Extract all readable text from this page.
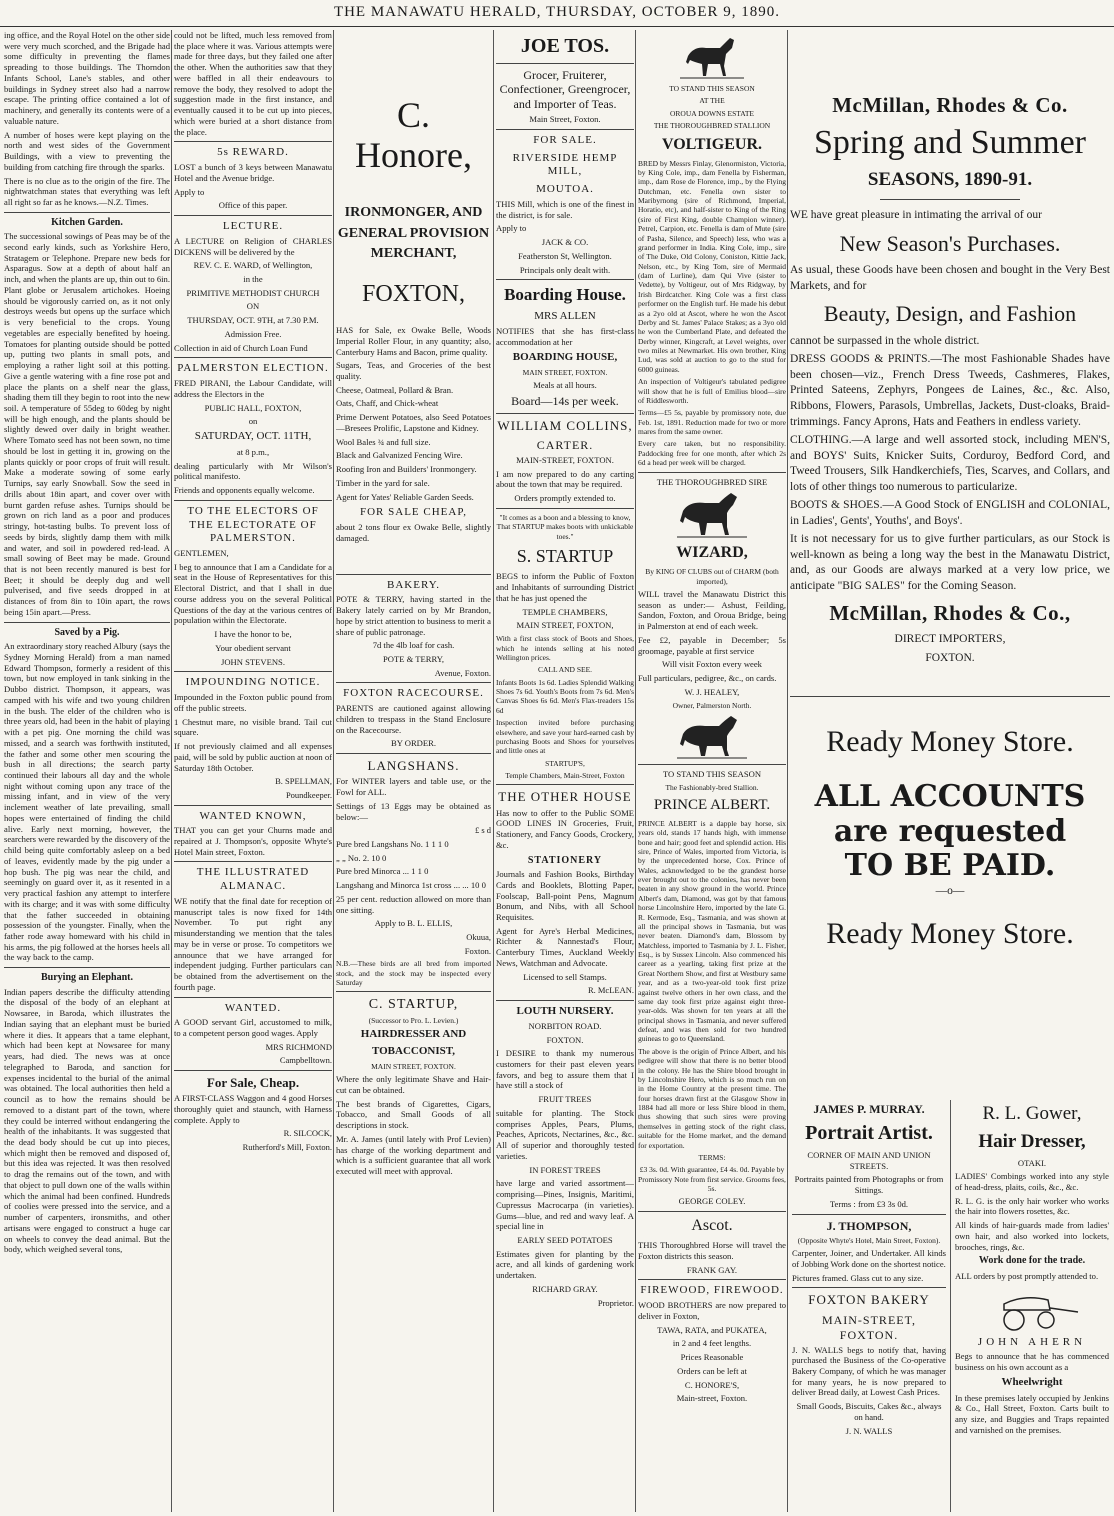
THE MANAWATU HERALD, THURSDAY, OCTOBER 9, 1890.

ing office, and the Royal Hotel on the other side were very much scorched, and the Brigade had some difficulty in preventing the flames spreading to those buildings. The Thorndon Infants School, Lane's stables, and other buildings in Sydney street also had a narrow escape. The printing office contained a lot of machinery, and generally its contents were of a valuable nature.

A number of hoses were kept playing on the north and west sides of the Government Buildings, with a view to preventing the building from catching fire through the sparks.

There is no clue as to the origin of the fire. The nightwatchman states that everything was left all right so far as he knows.—N.Z. Times.

Kitchen Garden.

The successional sowings of Peas may be of the second early kinds, such as Yorkshire Hero, Stratagem or Telephone. Prepare new beds for Asparagus. Sow at a depth of about half an inch, and when the plants are up, thin out to 6in. Plant globe or Jerusalem artichokes. Hoeing should be vigorously carried on, as it not only destroys weeds but opens up the surface which is very beneficial to the crops. Young vegetables are especially benefited by hoeing. Tomatoes for planting outside should be potted up, putting two plants in small pots, and employing a rather light soil at this potting. Give a gentle watering with a fine rose pot and place the plants on a shelf near the glass, shading them till they begin to root into the new soil. A temperature of 55deg to 60deg by night will be high enough, and the plants should be slightly dewed over daily in bright weather. Where Tomato seed has not been sown, no time should be lost in getting it in, growing on the plants quickly or poor crops of fruit will result. Make a moderate sowing of some early Turnips, say early Snowball. Sow the seed in drills about 18in apart, and cover over with burnt garden refuse ashes. Turnips should be grown on rich land as a poor and produces stringy, hot-tasting bulbs. To prevent loss of seeds by birds, slightly damp them with milk and water, and soil in powdered red-lead. A small sowing of Beet may be made. Ground that is not been recently manured is best for Beet; it should be deeply dug and well pulverised, and five seeds dropped in at distances of from 8in to 10in apart, the rows being 15in apart.—Press.

Saved by a Pig.

An extraordinary story reached Albury (says the Sydney Morning Herald) from a man named Edward Thompson, formerly a resident of this town, but now employed in tank sinking in the Dubbo district. Thompson, it appears, was camped with his wife and two young children in the bush. The elder of the children who is three years old, had been in the habit of playing with a pet pig. One morning the child was missed, and a search was forthwith instituted, the father and some other men scouring the bush in all directions; the search party continued their labours all day and the whole night without coming upon any trace of the missing infant, and in view of the very inclement weather of late prevailing, small hopes were entertained of finding the child alive. Early next morning, however, the searchers were rewarded by the discovery of the child being quite comfortably asleep on a bed of leaves, evidently made by the pig under a hop bush. The pig was near the child, and seemingly on guard over it, as it resented in a very practical fashion any attempt to interfere with its charge; and it was with some difficulty that the father succeeded in obtaining possession of the youngster. Finally, when the father rode away homeward with his child in his arms, the pig followed at the horses heels all the way back to the camp.

Burying an Elephant.

Indian papers describe the difficulty attending the disposal of the body of an elephant at Nowsaree, in Baroda, which illustrates the Indian saying that an elephant must be buried where it dies. It appears that a tame elephant, which had been kept at Nowsaree for many years, had died. The news was at once telegraphed to Baroda, and sanction for expenses incidental to the burial of the animal was obtained. The local authorities then held a council as to how the remains should be removed to a distant part of the town, where they could be interred without endangering the health of the inhabitants. It was suggested that the dead body should be cut up into pieces, which might then be removed and disposed of, but this idea was rejected. It was then resolved to drag the remains out of the town, and with that object to pull down one of the walls within which the animal had been confined. Hundreds of coolies were pressed into the service, and a number of carpenters, ironsmiths, and other artisans were engaged to construct a huge car on wheels to convey the dead animal. But the body, which weighed several tons,

could not be lifted, much less removed from the place where it was. Various attempts were made for three days, but they failed one after the other. When the authorities saw that they were baffled in all their endeavours to remove the body, they resolved to adopt the suggestion made in the first instance, and eventually caused it to be cut up into pieces, which were buried at a short distance from the place.

5s REWARD.

LOST a bunch of 3 keys between Manawatu Hotel and the Avenue bridge.

Apply to

Office of this paper.

LECTURE.

A LECTURE on Religion of CHARLES DICKENS will be delivered by the

REV. C. E. WARD, of Wellington,

in the

PRIMITIVE METHODIST CHURCH

ON

THURSDAY, OCT. 9TH, at 7.30 P.M.

Admission Free.

Collection in aid of Church Loan Fund

PALMERSTON ELECTION.

FRED PIRANI, the Labour Candidate, will address the Electors in the

PUBLIC HALL, FOXTON,

on

SATURDAY, OCT. 11TH,

at 8 p.m.,

dealing particularly with Mr Wilson's political manifesto.

Friends and opponents equally welcome.

TO THE ELECTORS OF THE ELECTORATE OF PALMERSTON.

GENTLEMEN,

I beg to announce that I am a Candidate for a seat in the House of Representatives for this Electoral District, and that I shall in due course address you on the several Political Questions of the day at the various centres of population within the Electorate.

I have the honor to be,

Your obedient servant

JOHN STEVENS.

IMPOUNDING NOTICE.

Impounded in the Foxton public pound from off the public streets.

1 Chestnut mare, no visible brand. Tail cut square.

If not previously claimed and all expenses paid, will be sold by public auction at noon of Saturday 18th October.

B. SPELLMAN,

Poundkeeper.

WANTED KNOWN,

THAT you can get your Churns made and repaired at J. Thompson's, opposite Whyte's Hotel Main street, Foxton.

THE ILLUSTRATED ALMANAC.

WE notify that the final date for reception of manuscript tales is now fixed for 14th November. To put right any misunderstanding we mention that the tales may be in verse or prose. To competitors we announce that we have arranged for independent judging. Further particulars can be obtained from the advertisement on the fourth page.

WANTED.

A GOOD servant Girl, accustomed to milk, to a competent person good wages. Apply

MRS RICHMOND

Campbelltown.

For Sale, Cheap.

A FIRST-CLASS Waggon and 4 good Horses thoroughly quiet and staunch, with Harness complete. Apply to

R. SILCOCK,

Rutherford's Mill, Foxton.

C. Honore,
IRONMONGER, AND
GENERAL PROVISION
MERCHANT,
FOXTON,

HAS for Sale, ex Owake Belle, Woods Imperial Roller Flour, in any quantity; also, Canterbury Hams and Bacon, prime quality.

Sugars, Teas, and Groceries of the best quality.

Cheese, Oatmeal, Pollard & Bran.

Oats, Chaff, and Chick-wheat

Prime Derwent Potatoes, also Seed Potatoes—Bresees Prolific, Lapstone and Kidney.

Wool Bales ¾ and full size.

Black and Galvanized Fencing Wire.

Roofing Iron and Builders' Ironmongery.

Timber in the yard for sale.

Agent for Yates' Reliable Garden Seeds.

FOR SALE CHEAP,

about 2 tons flour ex Owake Belle, slightly damaged.

BAKERY.

POTE & TERRY, having started in the Bakery lately carried on by Mr Brandon, hope by strict attention to business to merit a share of public patronage.

7d the 4lb loaf for cash.

POTE & TERRY,

Avenue, Foxton.

FOXTON RACECOURSE.

PARENTS are cautioned against allowing children to trespass in the Stand Enclosure on the Racecourse.

BY ORDER.

LANGSHANS.

For WINTER layers and table use, or the Fowl for ALL.

Settings of 13 Eggs may be obtained as below:—

£ s d

Pure bred Langshans No. 1 1 1 0

„ „ No. 2. 10 0

Pure bred Minorca ... 1 1 0

Langshang and Minorca 1st cross ... ... 10 0

25 per cent. reduction allowed on more than one sitting.

Apply to B. L. ELLIS,

Okuua,

Foxton.

N.B.—These birds are all bred from imported stock, and the stock may be inspected every Saturday

C. STARTUP,

(Successor to Pro. L. Levien.)

HAIRDRESSER AND
TOBACCONIST,

MAIN STREET, FOXTON.

Where the only legitimate Shave and Hair-cut can be obtained.

The best brands of Cigarettes, Cigars, Tobacco, and Small Goods of all descriptions in stock.

Mr. A. James (until lately with Prof Levien) has charge of the working department and which is a sufficient guarantee that all work executed will meet with approval.

JOE TOS.

Grocer, Fruiterer, Confectioner, Greengrocer, and Importer of Teas.

Main Street, Foxton.

FOR SALE.
RIVERSIDE HEMP MILL,
MOUTOA.

THIS Mill, which is one of the finest in the district, is for sale.

Apply to

JACK & CO.

Featherston St, Wellington.

Principals only dealt with.

Boarding House.

MRS ALLEN

NOTIFIES that she has first-class accommodation at her

BOARDING HOUSE,

MAIN STREET, FOXTON.

Meals at all hours.

Board—14s per week.

WILLIAM COLLINS,
CARTER.

MAIN-STREET, FOXTON.

I am now prepared to do any carting about the town that may be required.

Orders promptly extended to.

"It comes as a boon and a blessing to know, That STARTUP makes boots with unkickable toes."

S. STARTUP

BEGS to inform the Public of Foxton and Inhabitants of surrounding District that he has just opened the

TEMPLE CHAMBERS,

MAIN STREET, FOXTON,

With a first class stock of Boots and Shoes, which he intends selling at his noted Wellington prices.

CALL AND SEE.

Infants Boots 1s 6d. Ladies Splendid Walking Shoes 7s 6d. Youth's Boots from 7s 6d. Men's Canvas Shoes 6s 6d. Men's Flax-treaders 15s 6d

Inspection invited before purchasing elsewhere, and save your hard-earned cash by purchasing Boots and Shoes for yourselves and little ones at

STARTUP'S,

Temple Chambers, Main-Street, Foxton

THE OTHER HOUSE

Has now to offer to the Public SOME GOOD LINES IN Groceries, Fruit, Stationery, and Fancy Goods, Crockery, &c.

STATIONERY

Journals and Fashion Books, Birthday Cards and Booklets, Blotting Paper, Foolscap, Ball-point Pens, Magnum Bonum, and Nibs, with all School Requisites.

Agent for Ayre's Herbal Medicines, Richter & Nannestad's Flour, Canterbury Times, Auckland Weekly News, Watchman and Advocate.

Licensed to sell Stamps.

R. McLEAN.

LOUTH NURSERY.

NORBITON ROAD.

FOXTON.

I DESIRE to thank my numerous customers for their past eleven years favors, and beg to assure them that I have still a stock of

FRUIT TREES

suitable for planting. The Stock comprises Apples, Pears, Plums, Peaches, Apricots, Nectarines, &c., &c. All of superior and thoroughly tested varieties.

IN FOREST TREES

have large and varied assortment—comprising—Pines, Insignis, Maritimi, Cupressus Macrocarpa (in varieties). Gums—blue, and red and wavy leaf. A special line in

EARLY SEED POTATOES

Estimates given for planting by the acre, and all kinds of gardening work undertaken.

RICHARD GRAY.

Proprietor.

TO STAND THIS SEASON

AT THE

OROUA DOWNS ESTATE

THE THOROUGHBRED STALLION

VOLTIGEUR.

BRED by Messrs Finlay, Glenormiston, Victoria, by King Cole, imp., dam Fenella by Fisherman, imp., dam Rose de Florence, imp., by the Flying Dutchman, etc. Fenella own sister to Maribyrnong (sire of Richmond, Imperial, Horatio, etc), and half-sister to King of the Ring (sire of First King, double Champion winner). Petrel, Carpion, etc. Fenella is dam of Mute (sire of Pasha, Silence, and Speech) less, who was a grand performer in India. King Cole, imp., sire of The Duke, Old Colony, Coniston, Kittie Jack, Nelson, etc., by King Tom, sire of Mermaid (dam of Lurline), dam Qui Vive (sister to Vedette), by Voltigeur, out of Mrs Ridgway, by Irish Birdcatcher. King Cole was a first class performer on the English turf. He made his debut as a 2yo old at Ascot, where he won the Ascot Derby and St. James' Palace Stakes; as a 3yo old he won the Cumberland Plate, and defeated the Derby winner, Kingcraft, at Level weights, over two miles at Newmarket. His own brother, King Lud, was sold at auction to go to the stud for 6000 guineas.

An inspection of Voltigeur's tabulated pedigree will show that he is full of Emilius blood—sire of Riddlesworth.

Terms—£5 5s, payable by promissory note, due Feb. 1st, 1891. Reduction made for two or more mares from the same owner.

Every care taken, but no responsibility. Paddocking free for one month, after which 2s 6d a head per week will be charged.

THE THOROUGHBRED SIRE

WIZARD,

By KING OF CLUBS out of CHARM (both imported),

WILL travel the Manawatu District this season as under:— Ashust, Feilding, Sandon, Foxton, and Oroua Bridge, being in Palmerston at end of each week.

Fee £2, payable in December; 5s groomage, payable at first service

Will visit Foxton every week

Full particulars, pedigree, &c., on cards.

W. J. HEALEY,

Owner, Palmerston North.

TO STAND THIS SEASON

The Fashionably-bred Stallion.

PRINCE ALBERT.

PRINCE ALBERT is a dapple bay horse, six years old, stands 17 hands high, with immense bone and hair; good feet and splendid action. His sire, Prince of Wales, imported from Victoria, is by the unprecedented horse, Cox. Prince of Wales, acknowledged to be the grandest horse ever brought out to the colonies, has never been beaten in any show ground in the world. Prince Albert's dam, Diamond, was got by that famous horse Lincolnshire Hero, imported by the late G. R. Kermode, Esq., Tasmania, and was shown at all the principal shows in Tasmania, but was never beaten. Diamond's dam, Blossom by Matchless, imported to Tasmania by J. L. Fisher, Esq., is by Sussex Lincoln. Also commenced his career as a yearling, taking first prize at the Great Northern Show, and first at Westbury same year, and as a two-year-old took first prize against twelve others in her own class, and the same day took first prize against eight three-year-olds. Was shown for ten years at all the principal shows in Tasmania, and never suffered defeat, and was then sold for two hundred guineas to go to Queensland.

The above is the origin of Prince Albert, and his pedigree will show that there is no better blood in the colony. He has the Shire blood brought in by Lincolnshire Hero, which is so much run on in the Home Country at the present time. The four horses drawn first at the Glasgow Show in 1884 had all more or less Shire blood in them, thus showing that such sires were proving themselves in getting stock of the right class, suitable for the Home market, and the demand for exportation.

TERMS:

£3 3s. 0d. With guarantee, £4 4s. 0d. Payable by Promissory Note from first service. Grooms fees, 5s.

GEORGE COLEY.

Ascot.

THIS Thoroughbred Horse will travel the Foxton districts this season.

FRANK GAY.

FIREWOOD, FIREWOOD.

WOOD BROTHERS are now prepared to deliver in Foxton,

TAWA, RATA, and PUKATEA,

in 2 and 4 feet lengths.

Prices Reasonable

Orders can be left at

C. HONORE'S,

Main-street, Foxton.

McMillan, Rhodes & Co.
Spring and Summer
SEASONS, 1890-91.

WE have great pleasure in intimating the arrival of our

New Season's Purchases.

As usual, these Goods have been chosen and bought in the Very Best Markets, and for

Beauty, Design, and Fashion

cannot be surpassed in the whole district.

DRESS GOODS & PRINTS.—The most Fashionable Shades have been chosen—viz., French Dress Tweeds, Cashmeres, Flakes, Printed Sateens, Zephyrs, Pongees de Laines, &c., &c. Also, Ribbons, Flowers, Parasols, Umbrellas, Jackets, Dust-cloaks, Braid-trimmings. Fancy Aprons, Hats and Feathers in endless variety.

CLOTHING.—A large and well assorted stock, including MEN'S, and BOYS' Suits, Knicker Suits, Corduroy, Bedford Cord, and Tweed Trousers, Silk Handkerchiefs, Ties, Scarves, and Collars, and lots of other things too numerous to particularize.

BOOTS & SHOES.—A Good Stock of ENGLISH and COLONIAL, in Ladies', Gents', Youths', and Boys'.

It is not necessary for us to give further particulars, as our Stock is well-known as being a long way the best in the Manawatu District, and, as our Goods are always marked at a very low price, we anticipate "BIG SALES" for the Coming Season.

McMillan, Rhodes & Co.,

DIRECT IMPORTERS,

FOXTON.

Ready Money Store.
ALL ACCOUNTS
are requested
TO BE PAID.

—o—

Ready Money Store.
JAMES P. MURRAY.
Portrait Artist.

CORNER OF MAIN AND UNION STREETS.

Portraits painted from Photographs or from Sittings.

Terms : from £3 3s 0d.

J. THOMPSON,

(Opposite Whyte's Hotel, Main Street, Foxton).

Carpenter, Joiner, and Undertaker. All kinds of Jobbing Work done on the shortest notice.

Pictures framed. Glass cut to any size.

FOXTON BAKERY
MAIN-STREET, FOXTON.

J. N. WALLS begs to notify that, having purchased the Business of the Co-operative Bakery Company, of which he was manager for many years, he is now prepared to deliver Bread daily, at Lowest Cash Prices.

Small Goods, Biscuits, Cakes &c., always on hand.

J. N. WALLS

R. L. Gower,
Hair Dresser,

OTAKI.

LADIES' Combings worked into any style of head-dress, plaits, coils, &c., &c.

R. L. G. is the only hair worker who works the hair into flowers rosettes, &c.

All kinds of hair-guards made from ladies' own hair, and also worked into lockets, brooches, rings, &c.

Work done for the trade.

ALL orders by post promptly attended to.

JOHN AHERN

Begs to announce that he has commenced business on his own account as a

Wheelwright

In these premises lately occupied by Jenkins & Co., Hall Street, Foxton. Carts built to any size, and Buggies and Traps repainted and varnished on the premises.
